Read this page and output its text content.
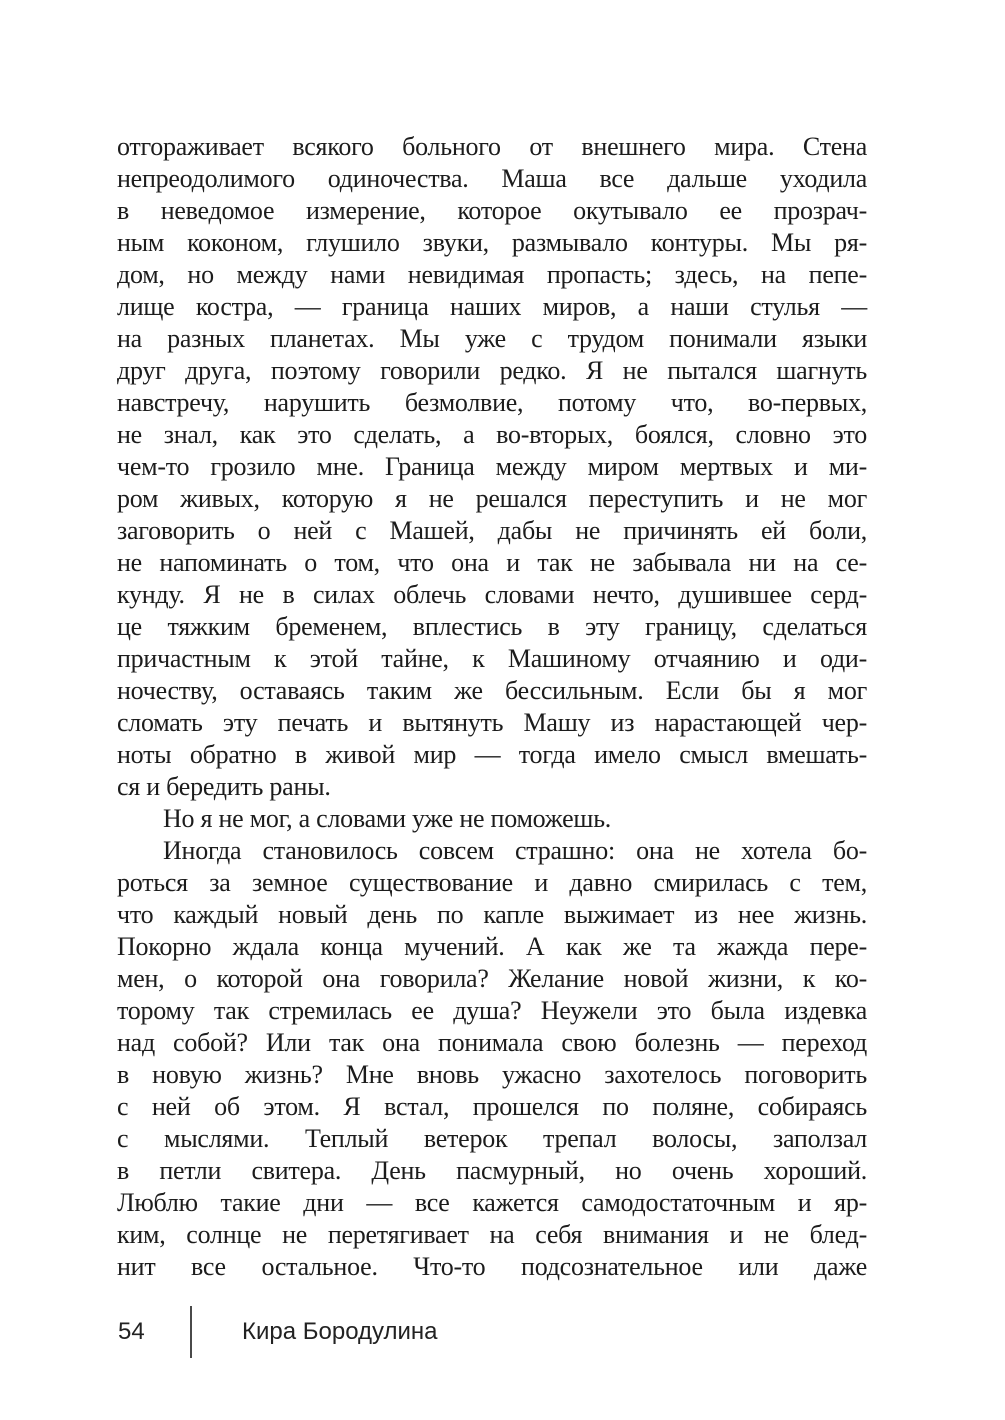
отгораживает всякого больного от внешнего мира. Стена
непреодолимого одиночества. Маша все дальше уходила
в неведомое измерение, которое окутывало ее прозрач-
ным коконом, глушило звуки, размывало контуры. Мы ря-
дом, но между нами невидимая пропасть; здесь, на пепе-
лище костра, — граница наших миров, а наши стулья —
на разных планетах. Мы уже с трудом понимали языки
друг друга, поэтому говорили редко. Я не пытался шагнуть
навстречу, нарушить безмолвие, потому что, во-первых,
не знал, как это сделать, а во-вторых, боялся, словно это
чем-то грозило мне. Граница между миром мертвых и ми-
ром живых, которую я не решался переступить и не мог
заговорить о ней с Машей, дабы не причинять ей боли,
не напоминать о том, что она и так не забывала ни на се-
кунду. Я не в силах облечь словами нечто, душившее серд-
це тяжким бременем, вплестись в эту границу, сделаться
причастным к этой тайне, к Машиному отчаянию и оди-
ночеству, оставаясь таким же бессильным. Если бы я мог
сломать эту печать и вытянуть Машу из нарастающей чер-
ноты обратно в живой мир — тогда имело смысл вмешать-
ся и бередить раны.

Но я не мог, а словами уже не поможешь.

Иногда становилось совсем страшно: она не хотела бо-
роться за земное существование и давно смирилась с тем,
что каждый новый день по капле выжимает из нее жизнь.
Покорно ждала конца мучений. А как же та жажда пере-
мен, о которой она говорила? Желание новой жизни, к ко-
торому так стремилась ее душа? Неужели это была издевка
над собой? Или так она понимала свою болезнь — переход
в новую жизнь? Мне вновь ужасно захотелось поговорить
с ней об этом. Я встал, прошелся по поляне, собираясь
с мыслями. Теплый ветерок трепал волосы, заползал
в петли свитера. День пасмурный, но очень хороший.
Люблю такие дни — все кажется самодостаточным и яр-
ким, солнце не перетягивает на себя внимания и не блед-
нит все остальное. Что-то подсознательное или даже

54	Кира Бородулина
